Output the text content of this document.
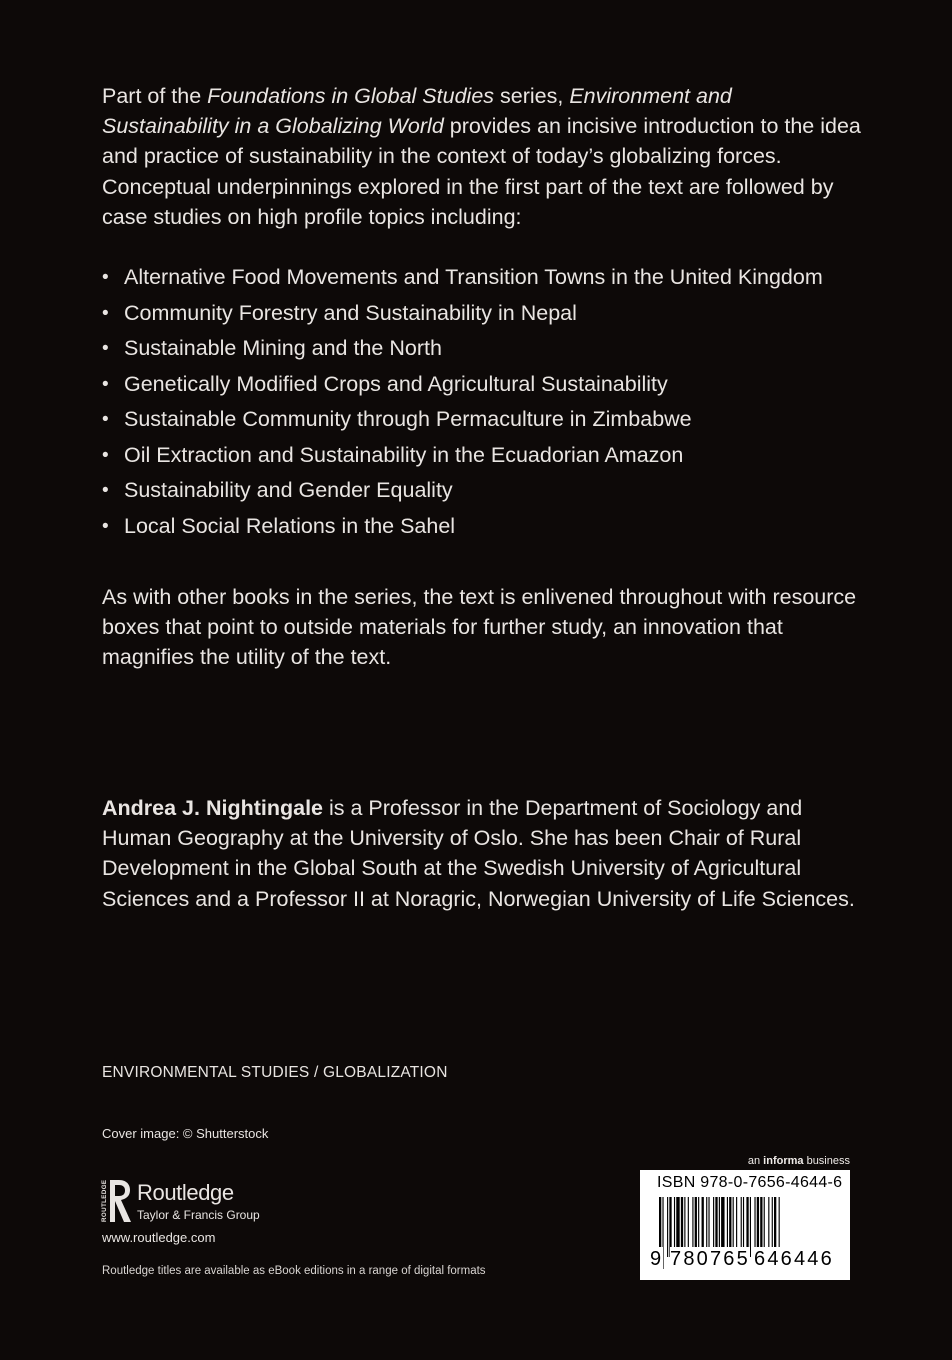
Part of the Foundations in Global Studies series, Environment and Sustainability in a Globalizing World provides an incisive introduction to the idea and practice of sustainability in the context of today’s globalizing forces. Conceptual underpinnings explored in the first part of the text are followed by case studies on high profile topics including:

• Alternative Food Movements and Transition Towns in the United Kingdom
• Community Forestry and Sustainability in Nepal
• Sustainable Mining and the North
• Genetically Modified Crops and Agricultural Sustainability
• Sustainable Community through Permaculture in Zimbabwe
• Oil Extraction and Sustainability in the Ecuadorian Amazon
• Sustainability and Gender Equality
• Local Social Relations in the Sahel

As with other books in the series, the text is enlivened throughout with resource boxes that point to outside materials for further study, an innovation that magnifies the utility of the text.

Andrea J. Nightingale is a Professor in the Department of Sociology and Human Geography at the University of Oslo. She has been Chair of Rural Development in the Global South at the Swedish University of Agricultural Sciences and a Professor II at Noragric, Norwegian University of Life Sciences.

ENVIRONMENTAL STUDIES / GLOBALIZATION
Cover image: © Shutterstock
ROUTLEDGE Routledge
Taylor & Francis Group
www.routledge.com
Routledge titles are available as eBook editions in a range of digital formats
an informa business
ISBN 978-0-7656-4644-6
9 780765 646446
